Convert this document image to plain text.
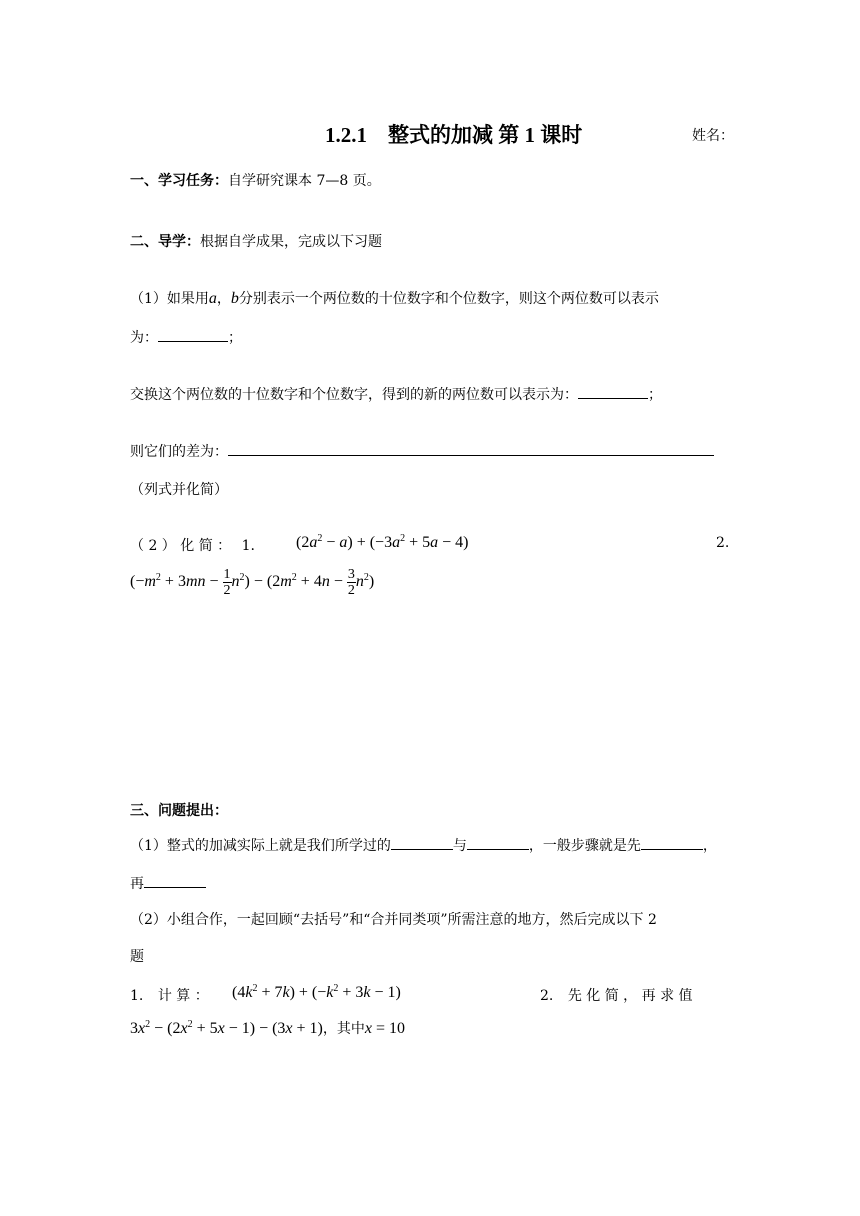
1.2.1　整式的加减 第 1 课时	姓名：
一、学习任务：自学研究课本 7—8 页。
二、导学：根据自学成果，完成以下习题
（1）如果用a，b分别表示一个两位数的十位数字和个位数字，则这个两位数可以表示
为：	；
交换这个两位数的十位数字和个位数字，得到的新的两位数可以表示为：	；
则它们的差为：
（列式并化简）
（ 2 ） 化 简 ： 1.	$(2a^2 - a) + (-3a^2 + 5a - 4)$	2.
$(-m^2 + 3mn - \frac{1}{2} n^2) - (2m^2 + 4n - \frac{3}{2} n^2)$
三、问题提出：
（1）整式的加减实际上就是我们所学过的	与	，一般步骤就是先	，
再
（2）小组合作，一起回顾“去括号”和“合并同类项”所需注意的地方，然后完成以下 2
题
1. 计 算 ： $(4k^2 + 7k) + (-k^2 + 3k - 1)$	2. 先 化 简 ， 再 求 值
$3x^2 - (2x^2 + 5x - 1) - (3x + 1)$，其中x = 10
